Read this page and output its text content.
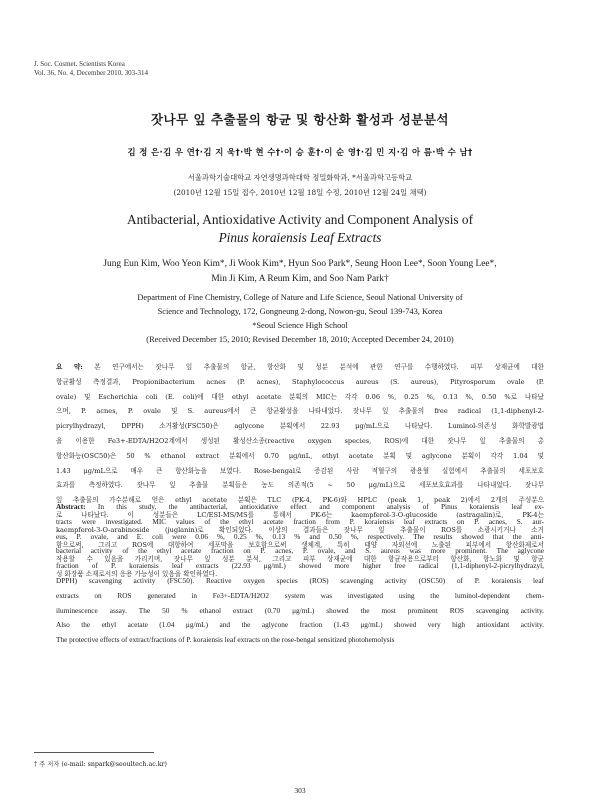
J. Soc. Cosmet. Scientists Korea
Vol. 36, No. 4, December 2010, 303-314
잣나무 잎 추출물의 항균 및 항산화 활성과 성분분석
김 정 은·김 우 연†·김 지 욱†·박 현 수†·이 승 훈†·이 순 영†·김 민 지·김 아 름·박 수 남†
서울과학기술대학교 자연생명과학대학 정밀화학과, *서울과학고등학교
(2010년 12월 15일 접수, 2010년 12월 18일 수정, 2010년 12월 24일 채택)
Antibacterial, Antioxidative Activity and Component Analysis of
Pinus koraiensis Leaf Extracts
Jung Eun Kim, Woo Yeon Kim*, Ji Wook Kim*, Hyun Soo Park*, Seung Hoon Lee*, Soon Young Lee*,
Min Ji Kim, A Reum Kim, and Soo Nam Park†
Department of Fine Chemistry, College of Nature and Life Science, Seoul National University of
Science and Technology, 172, Gongneung 2-dong, Nowon-gu, Seoul 139-743, Korea
*Seoul Science High School
(Received December 15, 2010; Revised December 18, 2010; Accepted December 24, 2010)
요 약: 본 연구에서는 잣나무 잎 추출물의 항균, 항산화 및 성분 분석에 관한 연구를 수행하였다. 피부 상재균에 대한
항균활성 측정결과, Propionibacterium acnes (P. acnes), Staphylococcus aureus (S. aureus), Pityrosporum ovale (P.
ovale) 및 Escherichia coli (E. coli)에 대한 ethyl acetate 분획의 MIC는 각각 0.06 %, 0.25 %, 0.13 %, 0.50 %로 나타났
으며, P. acnes, P. ovale 및 S. aureus에서 큰 항균활성을 나타내었다. 잣나무 잎 추출물의 free radical (1,1-diphenyl-2-
picrylhydrazyl, DPPH) 소거활성(FSC50)은 aglycone 분획에서 22.93 μg/mL으로 나타났다. Luminol-의존성 화학발광법
을 이용한 Fe3+-EDTA/H2O2계에서 생성된 활성산소종(reactive oxygen species, ROS)에 대한 잣나무 잎 추출물의 총
항산화능(OSC50)은 50 % ethanol extract 분획에서 0.70 μg/mL, ethyl acetate 분획 및 aglycone 분획이 각각 1.04 및
1.43 μg/mL으로 매우 큰 항산화능을 보였다. Rose-bengal로 증감된 사람 적혈구의 광용혈 실험에서 추출물의 세포보호
효과를 측정하였다. 잣나무 잎 추출물 분획들은 농도 의존적(5 ~ 50 μg/mL)으로 세포보호효과를 나타내었다. 잣나무
잎 추출물의 가수분해로 얻은 ethyl acetate 분획은 TLC (PK-4, PK-6)와 HPLC (peak 1, peak 2)에서 2개의 주성분으
로 나타났다. 이 성분들은 LC/ESI-MS/MS를 통해서 PK-6는 kaempferol-3-O-glucoside (astragalin)로, PK-4는
kaempferol-3-O-arabinoside (juglanin)로 확인되었다. 이상의 결과들은 잣나무 잎 추출물이 ROS를 소광시키거나 소거
함으로써, 그리고 ROS에 대항하여 세포막을 보호함으로써 생체계, 특히 태양 자외선에 노출된 피부에서 항산화제로서
작용할 수 있음을 가리키며, 잣나무 잎 성분 분석, 그리고 피부 상재균에 대한 항균작용으로부터 항산화, 항노화 및 항균
성 화장품 소재로서의 응용 가능성이 있음을 확인하였다.
Abstract: In this study, the antibacterial, antioxidative effect and component analysis of Pinus koraiensis leaf ex-
tracts were investigated. MIC values of the ethyl acetate fraction from P. koraiensis leaf extracts on P. acnes, S. aur-
eus, P. ovale, and E. coli were 0.06 %, 0.25 %, 0.13 % and 0.50 %, respectively. The results showed that the anti-
bacterial activity of the ethyl acetate fraction on P. acnes, P. ovale, and S. aureus was more prominent. The aglycone
fraction of P. koraiensis leaf extracts (22.93 μg/mL) showed more higher free radical (1,1-diphenyl-2-picrylhydrazyl,
DPPH) scavenging activity (FSC50). Reactive oxygen species (ROS) scavenging activity (OSC50) of P. koraiensis leaf
extracts on ROS generated in Fe3+-EDTA/H2O2 system was investigated using the luminol-dependent chem-
iluminescence assay. The 50 % ethanol extract (0.70 μg/mL) showed the most prominent ROS scavenging activity.
Also the ethyl acetate (1.04 μg/mL) and the aglycone fraction (1.43 μg/mL) showed very high antioxidant activity.
The protective effects of extract/fractions of P. koraiensis leaf extracts on the rose-bengal sensitized photohemolysis
† 주 저자 (e-mail: snpark@seoultech.ac.kr)
303
